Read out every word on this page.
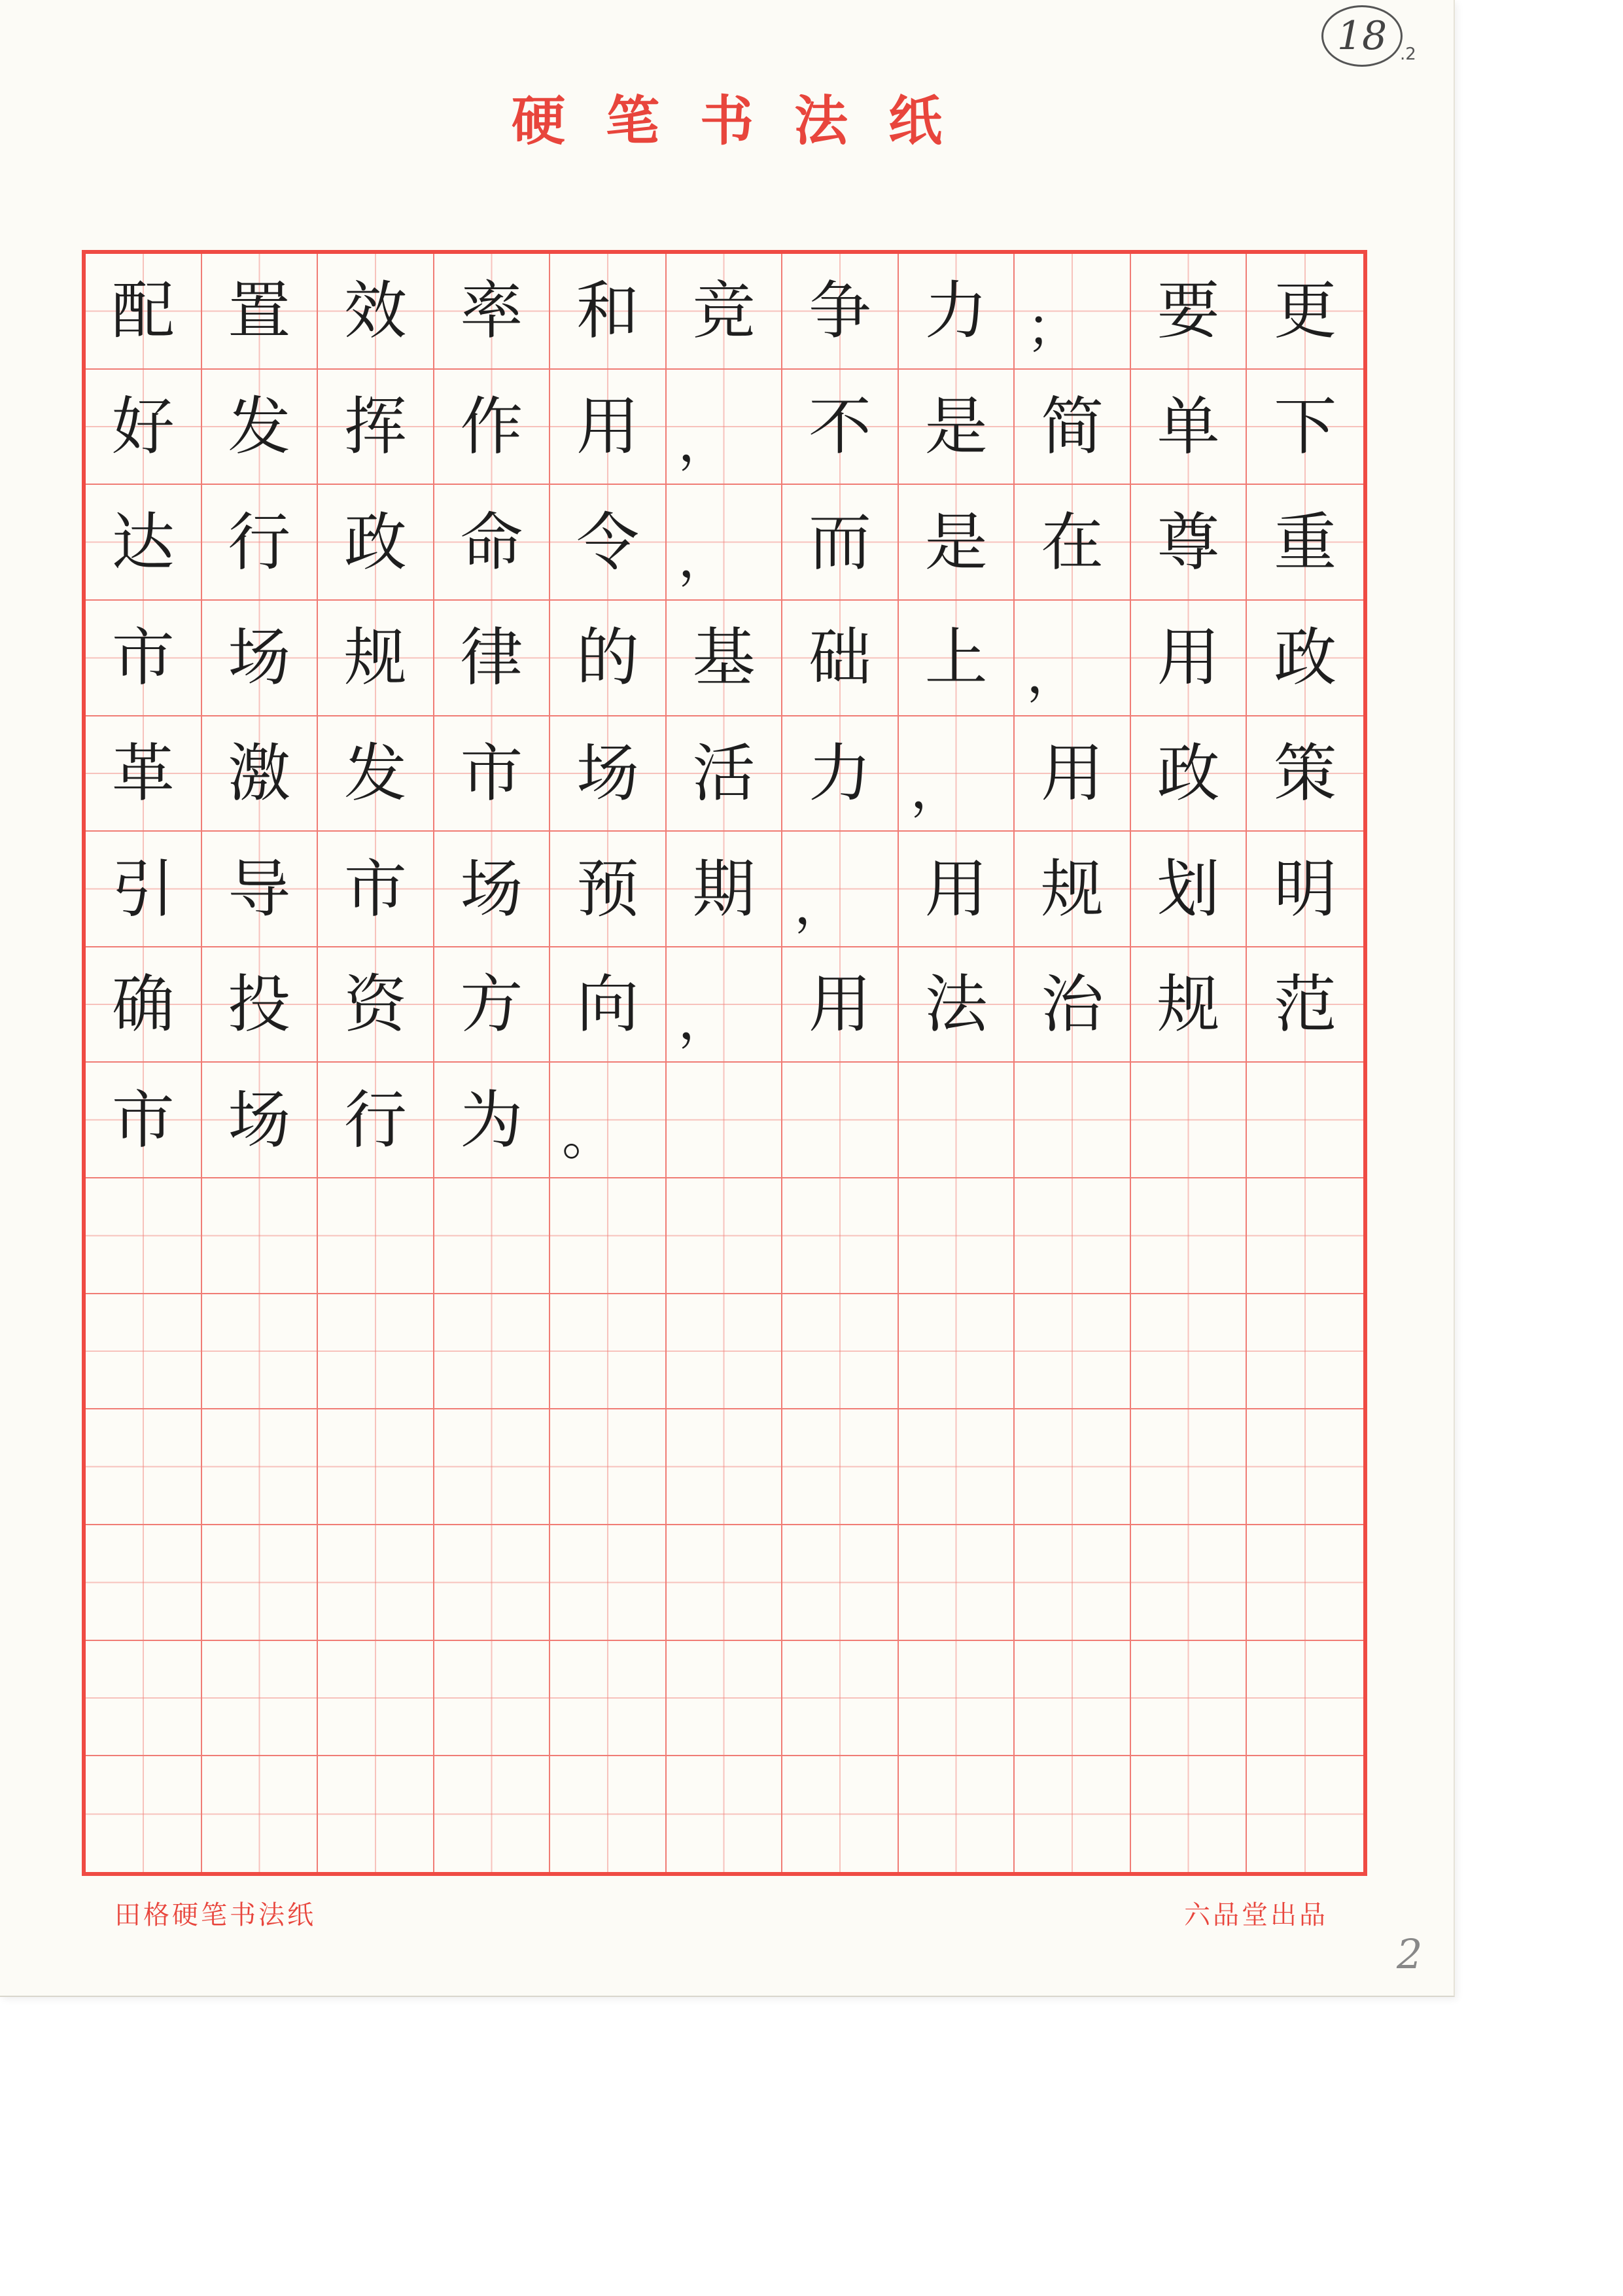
18 .2
硬笔书法纸
配 置 效 率 和 竞 争 力 ； 要 更
好 发 挥 作 用 ， 不 是 简 单 下
达 行 政 命 令 ， 而 是 在 尊 重
市 场 规 律 的 基 础 上 ， 用 政
革 激 发 市 场 活 力 ， 用 政 策
引 导 市 场 预 期 ， 用 规 划 明
确 投 资 方 向 ， 用 法 治 规 范
市 场 行 为 。
田格硬笔书法纸	六品堂出品
2
